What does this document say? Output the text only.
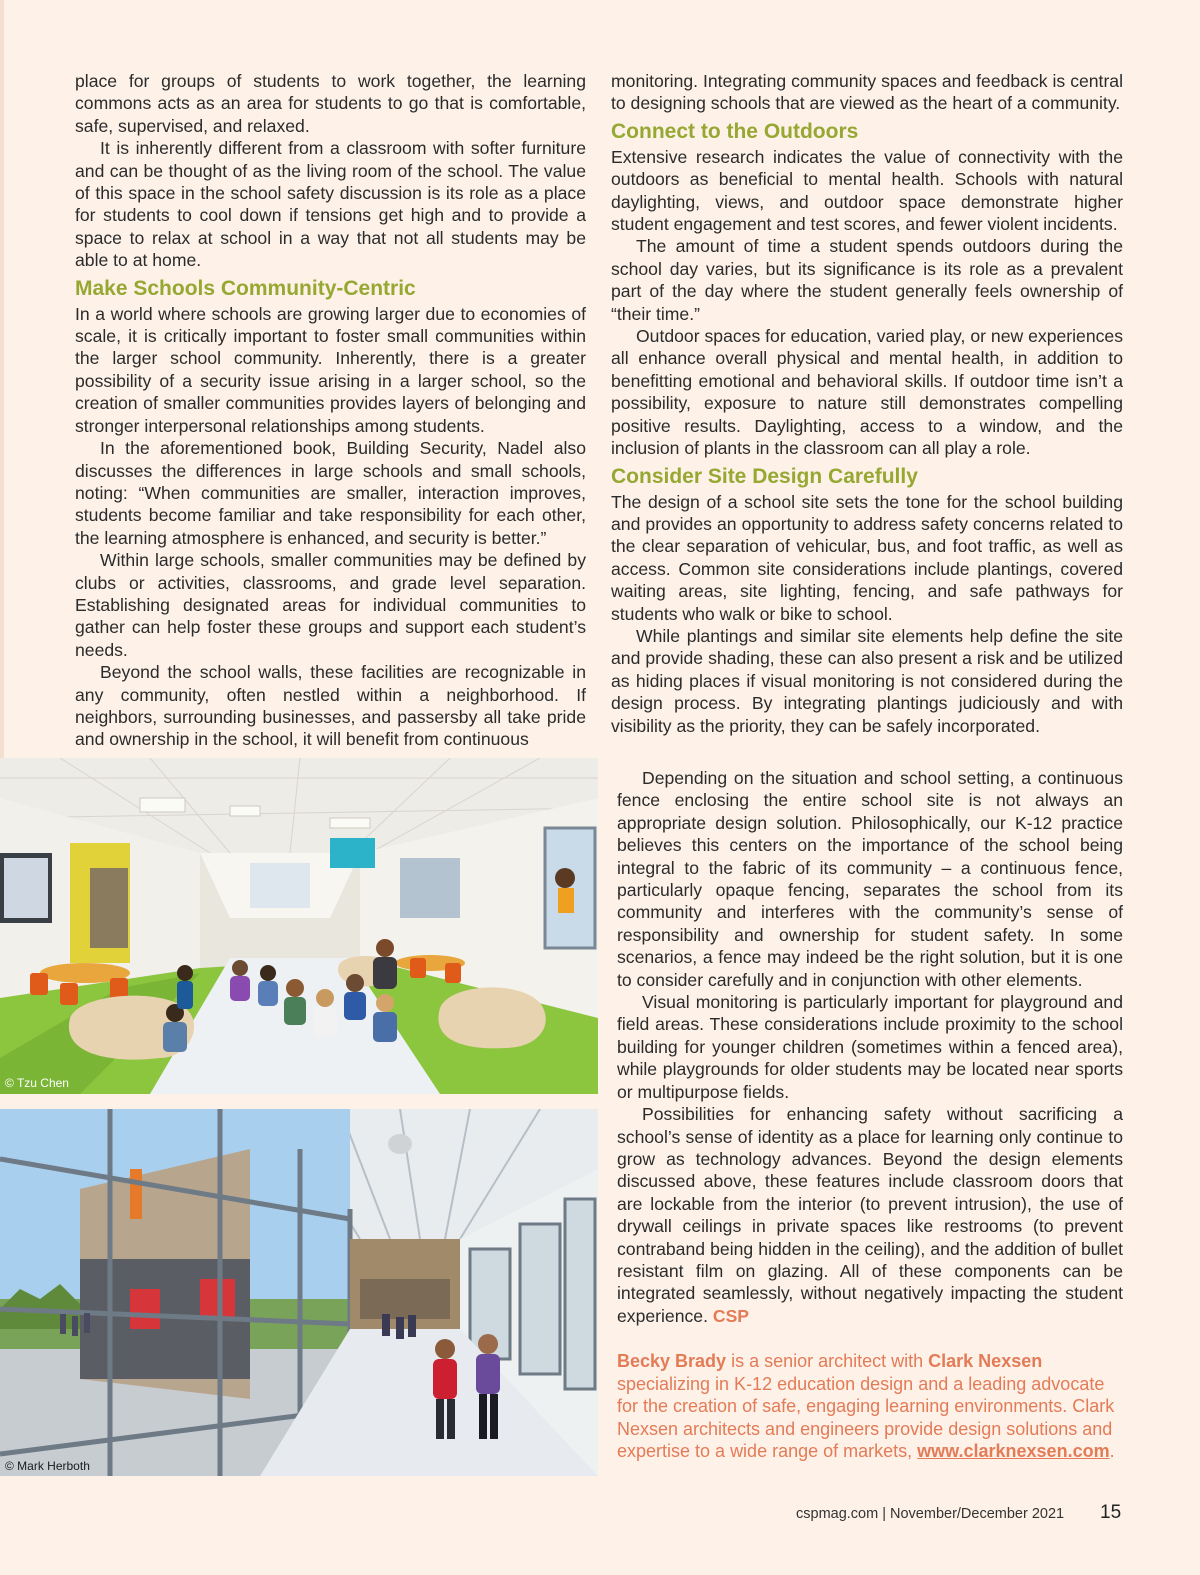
place for groups of students to work together, the learning commons acts as an area for students to go that is comfortable, safe, supervised, and relaxed.

It is inherently different from a classroom with softer furniture and can be thought of as the living room of the school. The value of this space in the school safety discussion is its role as a place for students to cool down if tensions get high and to provide a space to relax at school in a way that not all students may be able to at home.

Make Schools Community-Centric

In a world where schools are growing larger due to economies of scale, it is critically important to foster small communities within the larger school community. Inherently, there is a greater possibility of a security issue arising in a larger school, so the creation of smaller communities provides layers of belonging and stronger interpersonal relationships among students.

In the aforementioned book, Building Security, Nadel also discusses the differences in large schools and small schools, noting: “When communities are smaller, interaction improves, students become familiar and take responsibility for each other, the learning atmosphere is enhanced, and security is better.”

Within large schools, smaller communities may be defined by clubs or activities, classrooms, and grade level separation. Establishing designated areas for individual communities to gather can help foster these groups and support each student’s needs.

Beyond the school walls, these facilities are recognizable in any community, often nestled within a neighborhood. If neighbors, surrounding businesses, and passersby all take pride and ownership in the school, it will benefit from continuous

monitoring. Integrating community spaces and feedback is central to designing schools that are viewed as the heart of a community.

Connect to the Outdoors

Extensive research indicates the value of connectivity with the outdoors as beneficial to mental health. Schools with natural daylighting, views, and outdoor space demonstrate higher student engagement and test scores, and fewer violent incidents.

The amount of time a student spends outdoors during the school day varies, but its significance is its role as a prevalent part of the day where the student generally feels ownership of “their time.”

Outdoor spaces for education, varied play, or new experiences all enhance overall physical and mental health, in addition to benefitting emotional and behavioral skills. If outdoor time isn’t a possibility, exposure to nature still demonstrates compelling positive results. Daylighting, access to a window, and the inclusion of plants in the classroom can all play a role.

Consider Site Design Carefully

The design of a school site sets the tone for the school building and provides an opportunity to address safety concerns related to the clear separation of vehicular, bus, and foot traffic, as well as access. Common site considerations include plantings, covered waiting areas, site lighting, fencing, and safe pathways for students who walk or bike to school.

While plantings and similar site elements help define the site and provide shading, these can also present a risk and be utilized as hiding places if visual monitoring is not considered during the design process. By integrating plantings judiciously and with visibility as the priority, they can be safely incorporated.

Depending on the situation and school setting, a continuous fence enclosing the entire school site is not always an appropriate design solution. Philosophically, our K-12 practice believes this centers on the importance of the school being integral to the fabric of its community – a continuous fence, particularly opaque fencing, separates the school from its community and interferes with the community’s sense of responsibility and ownership for student safety. In some scenarios, a fence may indeed be the right solution, but it is one to consider carefully and in conjunction with other elements.

Visual monitoring is particularly important for playground and field areas. These considerations include proximity to the school building for younger children (sometimes within a fenced area), while playgrounds for older students may be located near sports or multipurpose fields.

Possibilities for enhancing safety without sacrificing a school’s sense of identity as a place for learning only continue to grow as technology advances. Beyond the design elements discussed above, these features include classroom doors that are lockable from the interior (to prevent intrusion), the use of drywall ceilings in private spaces like restrooms (to prevent contraband being hidden in the ceiling), and the addition of bullet resistant film on glazing. All of these components can be integrated seamlessly, without negatively impacting the student experience. CSP

Becky Brady is a senior architect with Clark Nexsen specializing in K-12 education design and a leading advocate for the creation of safe, engaging learning environments. Clark Nexsen architects and engineers provide design solutions and expertise to a wide range of markets, www.clarknexsen.com.
© Tzu Chen
© Mark Herboth
cspmag.com | November/December 2021 15
